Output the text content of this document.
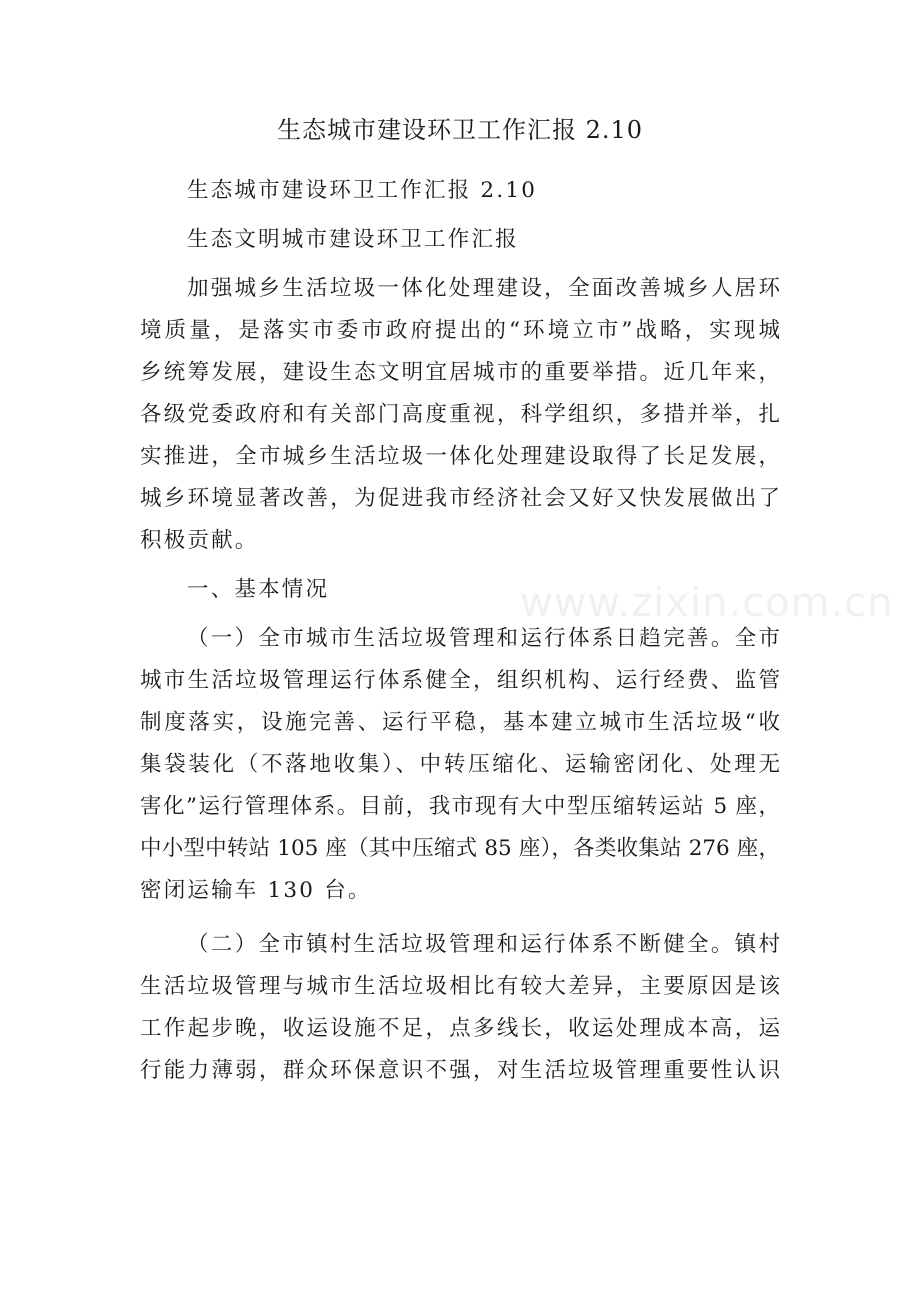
www.zixin.com.cn
生态城市建设环卫工作汇报 2.10
生态城市建设环卫工作汇报 2.10
生态文明城市建设环卫工作汇报
加强城乡生活垃圾一体化处理建设，全面改善城乡人居环
境质量，是落实市委市政府提出的“环境立市”战略，实现城
乡统筹发展，建设生态文明宜居城市的重要举措。近几年来，
各级党委政府和有关部门高度重视，科学组织，多措并举，扎
实推进，全市城乡生活垃圾一体化处理建设取得了长足发展，
城乡环境显著改善，为促进我市经济社会又好又快发展做出了
积极贡献。
一、基本情况
（一）全市城市生活垃圾管理和运行体系日趋完善。全市
城市生活垃圾管理运行体系健全，组织机构、运行经费、监管
制度落实，设施完善、运行平稳，基本建立城市生活垃圾“收
集袋装化（不落地收集）、中转压缩化、运输密闭化、处理无
害化”运行管理体系。目前，我市现有大中型压缩转运站 5 座，
中小型中转站 105 座（其中压缩式 85 座），各类收集站 276 座，
密闭运输车 130 台。
（二）全市镇村生活垃圾管理和运行体系不断健全。镇村
生活垃圾管理与城市生活垃圾相比有较大差异，主要原因是该
工作起步晚，收运设施不足，点多线长，收运处理成本高，运
行能力薄弱，群众环保意识不强，对生活垃圾管理重要性认识
